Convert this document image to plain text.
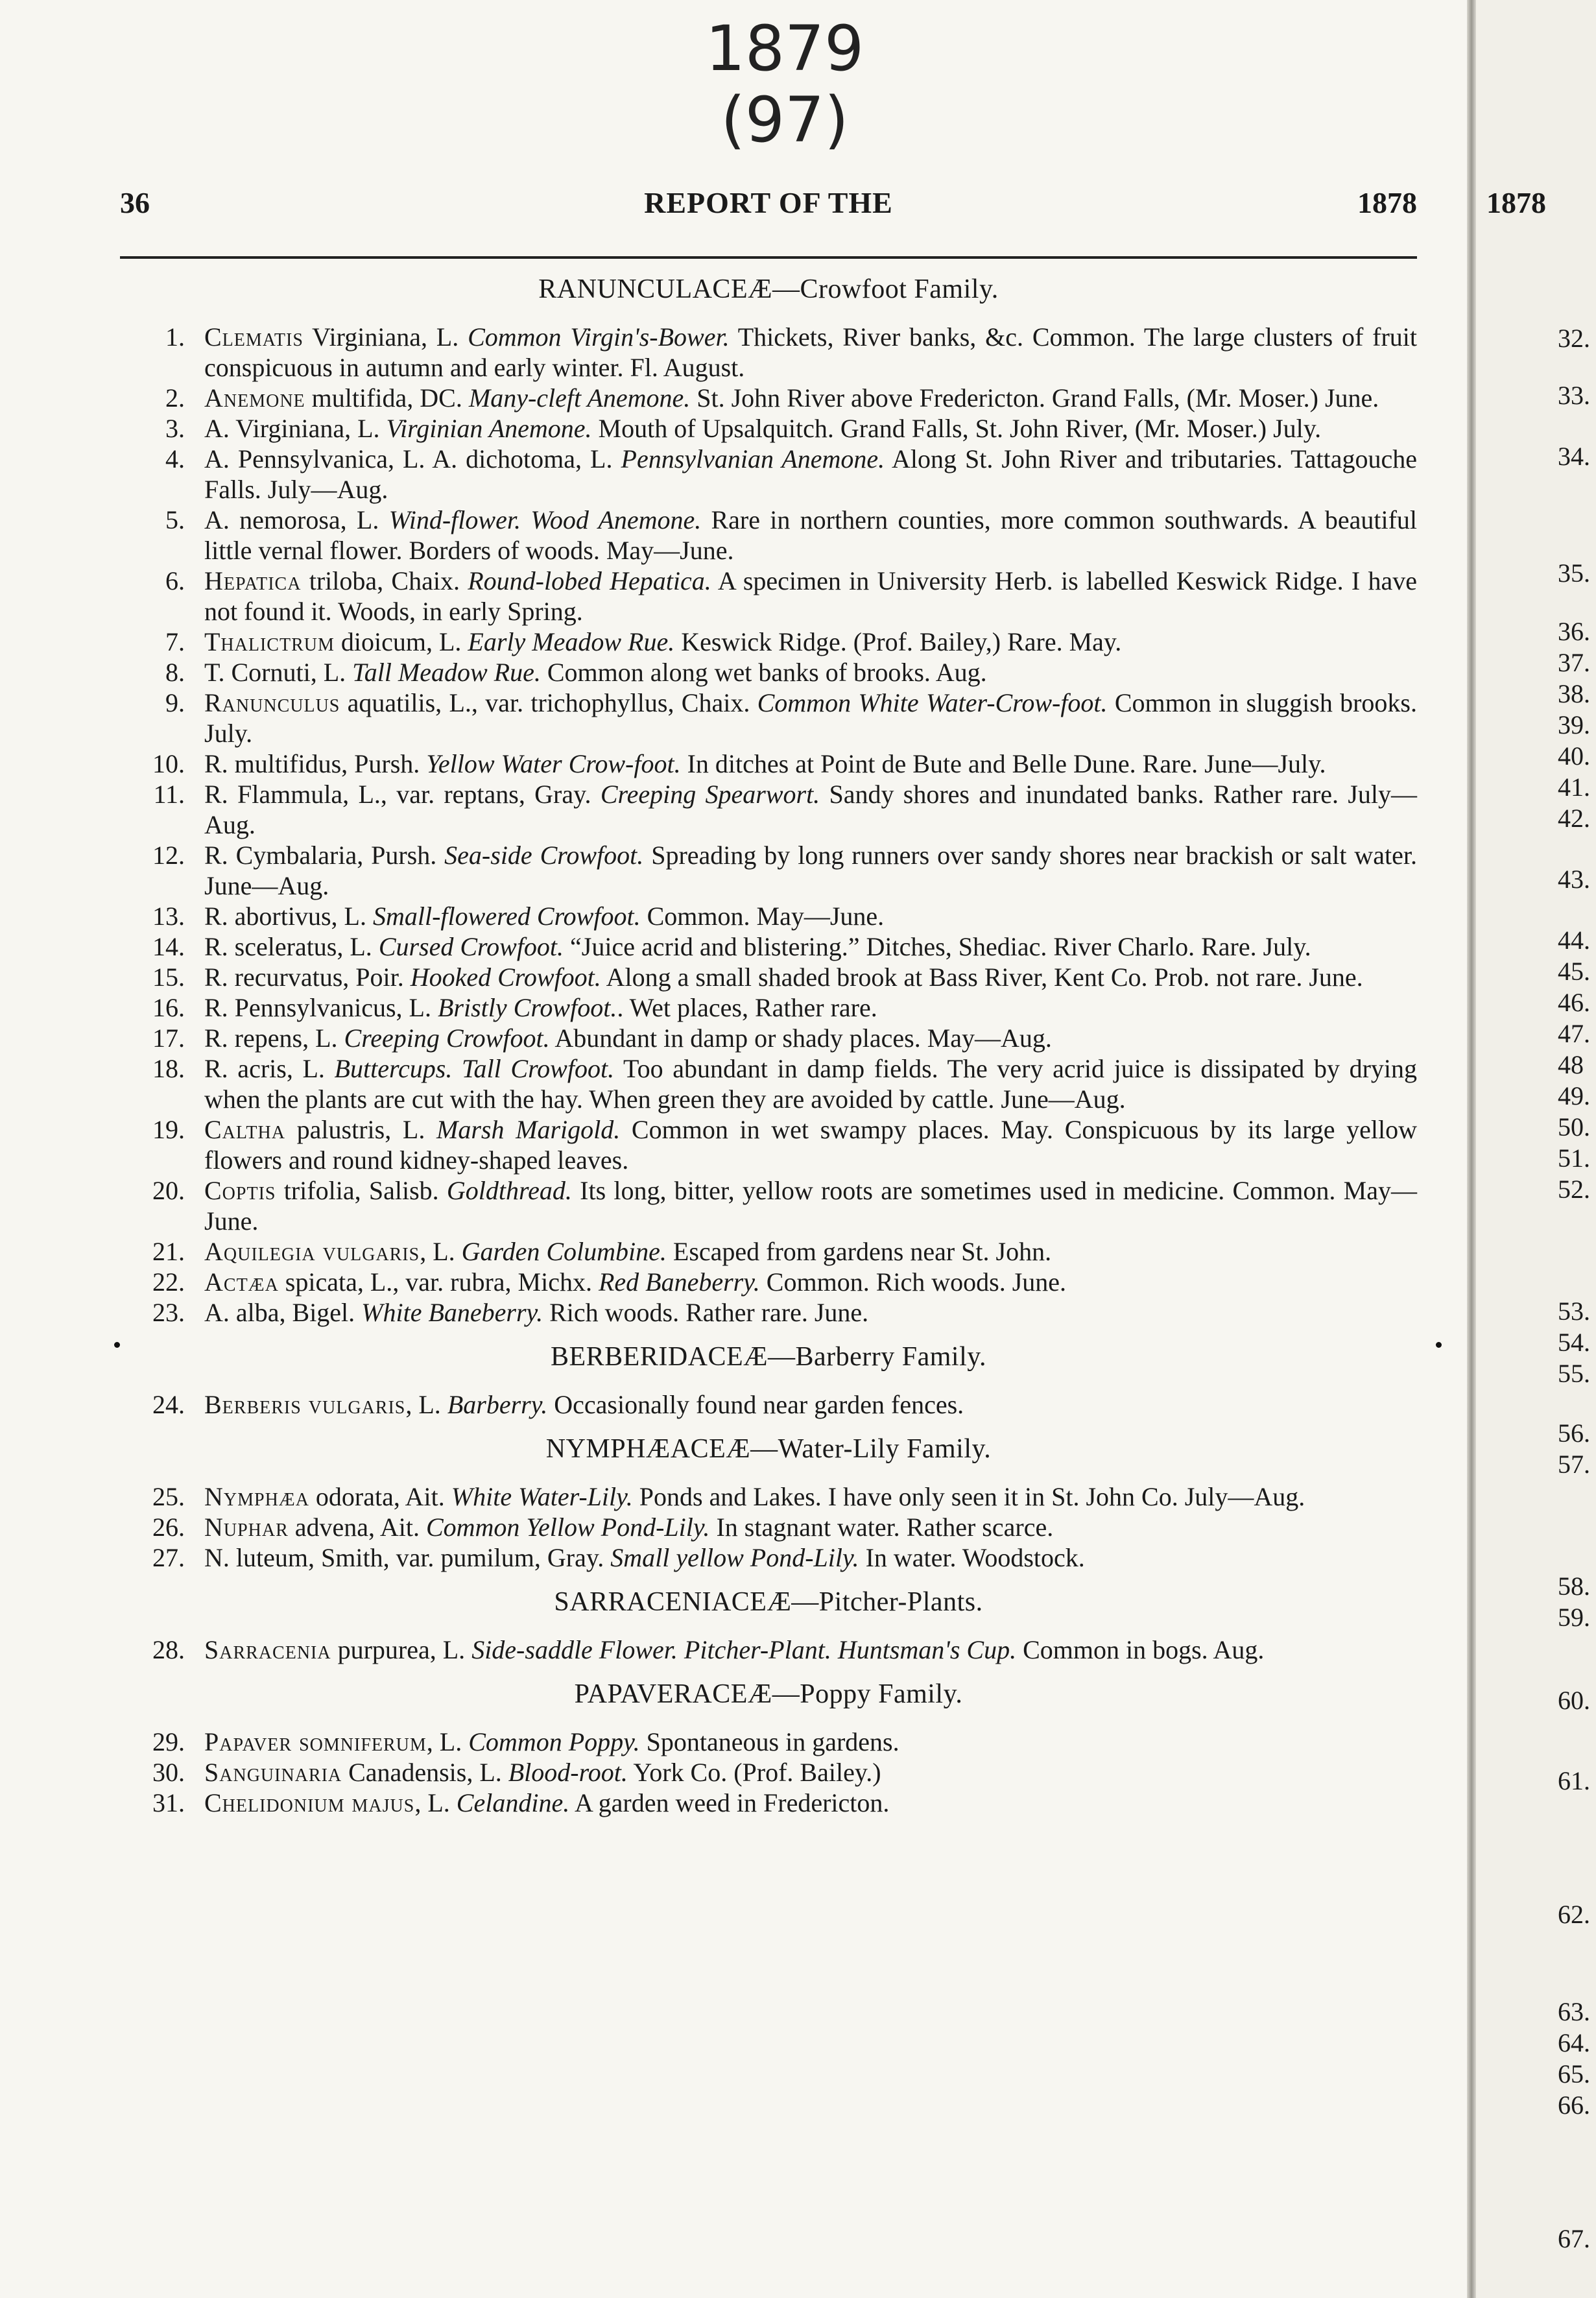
1879
(97)
REPORT OF THE
36	1878
RANUNCULACEÆ—Crowfoot Family.
1. Clematis Virginiana, L. Common Virgin's-Bower. Thickets, River banks, &c. Common. The large clusters of fruit conspicuous in autumn and early winter. Fl. August.
2. Anemone multifida, DC. Many-cleft Anemone. St. John River above Fredericton. Grand Falls, (Mr. Moser.) June.
3. A. Virginiana, L. Virginian Anemone. Mouth of Upsalquitch. Grand Falls, St. John River, (Mr. Moser.) July.
4. A. Pennsylvanica, L. A. dichotoma, L. Pennsylvanian Anemone. Along St. John River and tributaries. Tattagouche Falls. July—Aug.
5. A. nemorosa, L. Wind-flower. Wood Anemone. Rare in northern counties, more common southwards. A beautiful little vernal flower. Borders of woods. May—June.
6. Hepatica triloba, Chaix. Round-lobed Hepatica. A specimen in University Herb. is labelled Keswick Ridge. I have not found it. Woods, in early Spring.
7. Thalictrum dioicum, L. Early Meadow Rue. Keswick Ridge. (Prof. Bailey,) Rare. May.
8. T. Cornuti, L. Tall Meadow Rue. Common along wet banks of brooks. Aug.
9. Ranunculus aquatilis, L., var. trichophyllus, Chaix. Common White Water-Crow-foot. Common in sluggish brooks. July.
10. R. multifidus, Pursh. Yellow Water Crow-foot. In ditches at Point de Bute and Belle Dune. Rare. June—July.
11. R. Flammula, L., var. reptans, Gray. Creeping Spearwort. Sandy shores and inundated banks. Rather rare. July—Aug.
12. R. Cymbalaria, Pursh. Sea-side Crowfoot. Spreading by long runners over sandy shores near brackish or salt water. June—Aug.
13. R. abortivus, L. Small-flowered Crowfoot. Common. May—June.
14. R. sceleratus, L. Cursed Crowfoot. “Juice acrid and blistering.” Ditches, Shediac. River Charlo. Rare. July.
15. R. recurvatus, Poir. Hooked Crowfoot. Along a small shaded brook at Bass River, Kent Co. Prob. not rare. June.
16. R. Pennsylvanicus, L. Bristly Crowfoot.. Wet places, Rather rare.
17. R. repens, L. Creeping Crowfoot. Abundant in damp or shady places. May—Aug.
18. R. acris, L. Buttercups. Tall Crowfoot. Too abundant in damp fields. The very acrid juice is dissipated by drying when the plants are cut with the hay. When green they are avoided by cattle. June—Aug.
19. Caltha palustris, L. Marsh Marigold. Common in wet swampy places. May. Conspicuous by its large yellow flowers and round kidney-shaped leaves.
20. Coptis trifolia, Salisb. Goldthread. Its long, bitter, yellow roots are sometimes used in medicine. Common. May—June.
21. Aquilegia vulgaris, L. Garden Columbine. Escaped from gardens near St. John.
22. Actæa spicata, L., var. rubra, Michx. Red Baneberry. Common. Rich woods. June.
23. A. alba, Bigel. White Baneberry. Rich woods. Rather rare. June.
BERBERIDACEÆ—Barberry Family.
24. Berberis vulgaris, L. Barberry. Occasionally found near garden fences.
NYMPHÆACEÆ—Water-Lily Family.
25. Nymphæa odorata, Ait. White Water-Lily. Ponds and Lakes. I have only seen it in St. John Co. July—Aug.
26. Nuphar advena, Ait. Common Yellow Pond-Lily. In stagnant water. Rather scarce.
27. N. luteum, Smith, var. pumilum, Gray. Small yellow Pond-Lily. In water. Woodstock.
SARRACENIACEÆ—Pitcher-Plants.
28. Sarracenia purpurea, L. Side-saddle Flower. Pitcher-Plant. Huntsman's Cup. Common in bogs. Aug.
PAPAVERACEÆ—Poppy Family.
29. Papaver somniferum, L. Common Poppy. Spontaneous in gardens.
30. Sanguinaria Canadensis, L. Blood-root. York Co. (Prof. Bailey.)
31. Chelidonium majus, L. Celandine. A garden weed in Fredericton.
1878
32.
33.
34.
35.
36.
37.
38.
39.
40.
41.
42.
43.
44.
45.
46.
47.
48
49.
50.
51.
52.
53.
54.
55.
56.
57.
58.
59.
60.
61.
62.
63.
64.
65.
66.
67.
